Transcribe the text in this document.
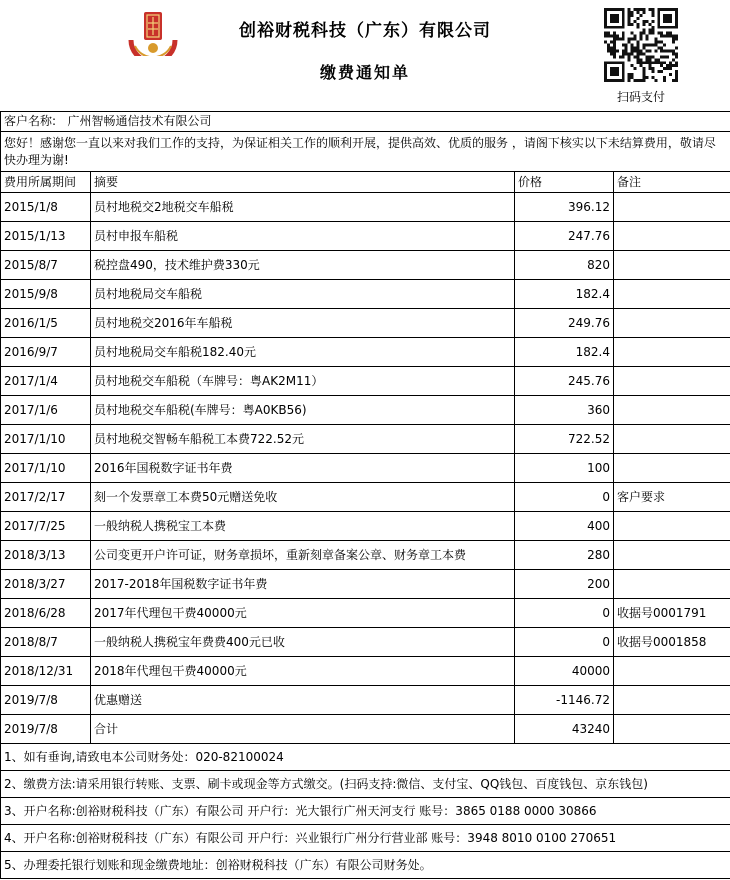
创裕财税科技（广东）有限公司
缴费通知单
扫码支付
客户名称: 广州智畅通信技术有限公司			
您好！感谢您一直以来对我们工作的支持，为保证相关工作的顺利开展，提供高效、优质的服务 ，请阁下核实以下未结算费用，敬请尽快办理为谢!			
费用所属期间	摘要	价格	备注
2015/1/8	员村地税交2地税交车船税	396.12	
2015/1/13	员村申报车船税	247.76	
2015/8/7	税控盘490，技术维护费330元	820	
2015/9/8	员村地税局交车船税	182.4	
2016/1/5	员村地税交2016年车船税	249.76	
2016/9/7	员村地税局交车船税182.40元	182.4	
2017/1/4	员村地税交车船税（车牌号：粤AK2M11）	245.76	
2017/1/6	员村地税交车船税(车牌号：粤A0KB56)	360	
2017/1/10	员村地税交智畅车船税工本费722.52元	722.52	
2017/1/10	2016年国税数字证书年费	100	
2017/2/17	刻一个发票章工本费50元赠送免收	0	客户要求
2017/7/25	一般纳税人携税宝工本费	400	
2018/3/13	公司变更开户许可证，财务章损坏，重新刻章备案公章、财务章工本费	280	
2018/3/27	2017-2018年国税数字证书年费	200	
2018/6/28	2017年代理包干费40000元	0	收据号0001791
2018/8/7	一般纳税人携税宝年费费400元已收	0	收据号0001858
2018/12/31	2018年代理包干费40000元	40000	
2019/7/8	优惠赠送	-1146.72	
2019/7/8	合计	43240	
1、如有垂询,请致电本公司财务处：020-82100024			
2、缴费方法:请采用银行转账、支票、刷卡或现金等方式缴交。(扫码支持:微信、支付宝、QQ钱包、百度钱包、京东钱包)			
3、开户名称:创裕财税科技（广东）有限公司 开户行：光大银行广州天河支行 账号：3865 0188 0000 30866			
4、开户名称:创裕财税科技（广东）有限公司 开户行：兴业银行广州分行营业部 账号：3948 8010 0100 270651			
5、办理委托银行划账和现金缴费地址：创裕财税科技（广东）有限公司财务处。			
